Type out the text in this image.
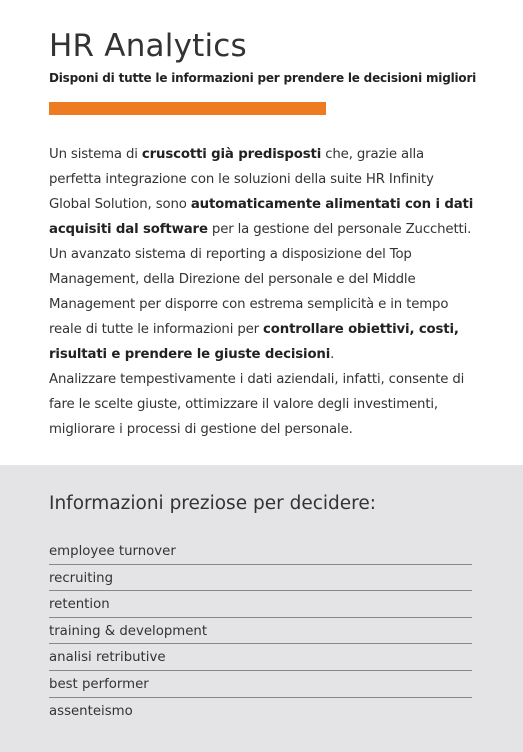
HR Analytics
Disponi di tutte le informazioni per prendere le decisioni migliori

Un sistema di cruscotti già predisposti che, grazie alla perfetta integrazione con le soluzioni della suite HR Infinity Global Solution, sono automaticamente alimentati con i dati acquisiti dal software per la gestione del personale Zucchetti.

Un avanzato sistema di reporting a disposizione del Top Management, della Direzione del personale e del Middle Management per disporre con estrema semplicità e in tempo reale di tutte le informazioni per controllare obiettivi, costi, risultati e prendere le giuste decisioni.

Analizzare tempestivamente i dati aziendali, infatti, consente di fare le scelte giuste, ottimizzare il valore degli investimenti, migliorare i processi di gestione del personale.

Informazioni preziose per decidere:
employee turnover
recruiting
retention
training & development
analisi retributive
best performer
assenteismo
